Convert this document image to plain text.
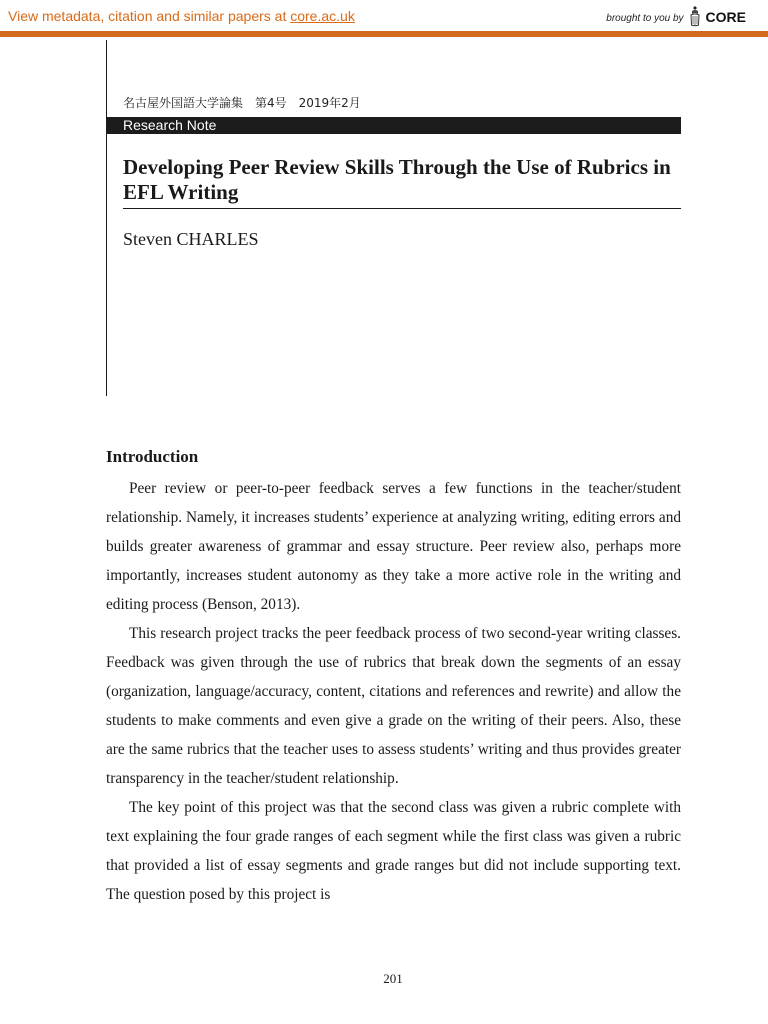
View metadata, citation and similar papers at core.ac.uk	brought to you by CORE
名古屋外国語大学論集　第4号　2019年2月
Research Note
Developing Peer Review Skills Through the Use of Rubrics in EFL Writing
Steven CHARLES
Introduction

Peer review or peer-to-peer feedback serves a few functions in the teacher/student relationship. Namely, it increases students’ experience at analyzing writing, editing errors and builds greater awareness of grammar and essay structure. Peer review also, perhaps more importantly, increases student autonomy as they take a more active role in the writing and editing process (Benson, 2013).

This research project tracks the peer feedback process of two second-year writing classes. Feedback was given through the use of rubrics that break down the segments of an essay (organization, language/accuracy, content, citations and references and rewrite) and allow the students to make comments and even give a grade on the writing of their peers. Also, these are the same rubrics that the teacher uses to assess students’ writing and thus provides greater transparency in the teacher/student relationship.

The key point of this project was that the second class was given a rubric complete with text explaining the four grade ranges of each segment while the first class was given a rubric that provided a list of essay segments and grade ranges but did not include supporting text. The question posed by this project is

201
